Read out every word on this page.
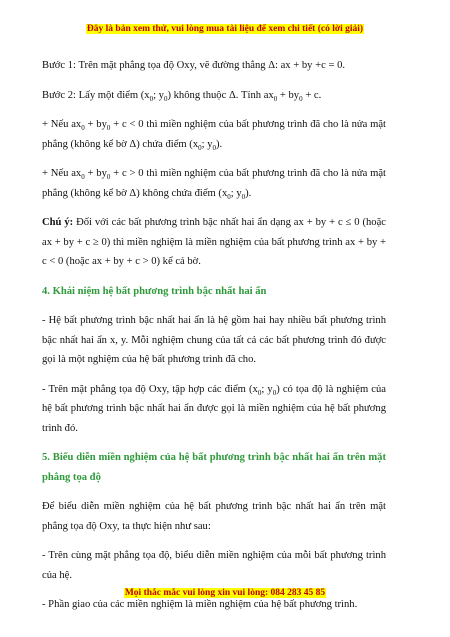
Đây là bản xem thử, vui lòng mua tài liệu để xem chi tiết (có lời giải)

Bước 1: Trên mặt phẳng tọa độ Oxy, vẽ đường thẳng Δ: ax + by +c = 0.

Bước 2: Lấy một điểm ($x_0$; $y_0$) không thuộc Δ. Tính $ax_0 + by_0 + c$.

+ Nếu $ax_0 + by_0 + c < 0$ thì miền nghiệm của bất phương trình đã cho là nửa mặt phẳng (không kể bờ Δ) chứa điểm ($x_0$; $y_0$).

+ Nếu $ax_0 + by_0 + c > 0$ thì miền nghiệm của bất phương trình đã cho là nửa mặt phẳng (không kể bờ Δ) không chứa điểm ($x_0$; $y_0$).

Chú ý: Đối với các bất phương trình bậc nhất hai ẩn dạng ax + by + c ≤ 0 (hoặc ax + by + c ≥ 0) thì miền nghiệm là miền nghiệm của bất phương trình ax + by + c < 0 (hoặc ax + by + c > 0) kể cả bờ.

4. Khái niệm hệ bất phương trình bậc nhất hai ẩn

- Hệ bất phương trình bậc nhất hai ẩn là hệ gồm hai hay nhiều bất phương trình bậc nhất hai ẩn x, y. Mỗi nghiệm chung của tất cả các bất phương trình đó được gọi là một nghiệm của hệ bất phương trình đã cho.

- Trên mặt phẳng tọa độ Oxy, tập hợp các điểm ($x_0$; $y_0$) có tọa độ là nghiệm của hệ bất phương trình bậc nhất hai ẩn được gọi là miền nghiệm của hệ bất phương trình đó.

5. Biểu diễn miền nghiệm của hệ bất phương trình bậc nhất hai ẩn trên mặt phẳng tọa độ

Để biểu diễn miền nghiệm của hệ bất phương trình bậc nhất hai ẩn trên mặt phẳng tọa độ Oxy, ta thực hiện như sau:

- Trên cùng mặt phẳng tọa độ, biểu diễn miền nghiệm của mỗi bất phương trình của hệ.

- Phần giao của các miền nghiệm là miền nghiệm của hệ bất phương trình.

Mọi thắc mắc vui lòng xin vui lòng: 084 283 45 85
